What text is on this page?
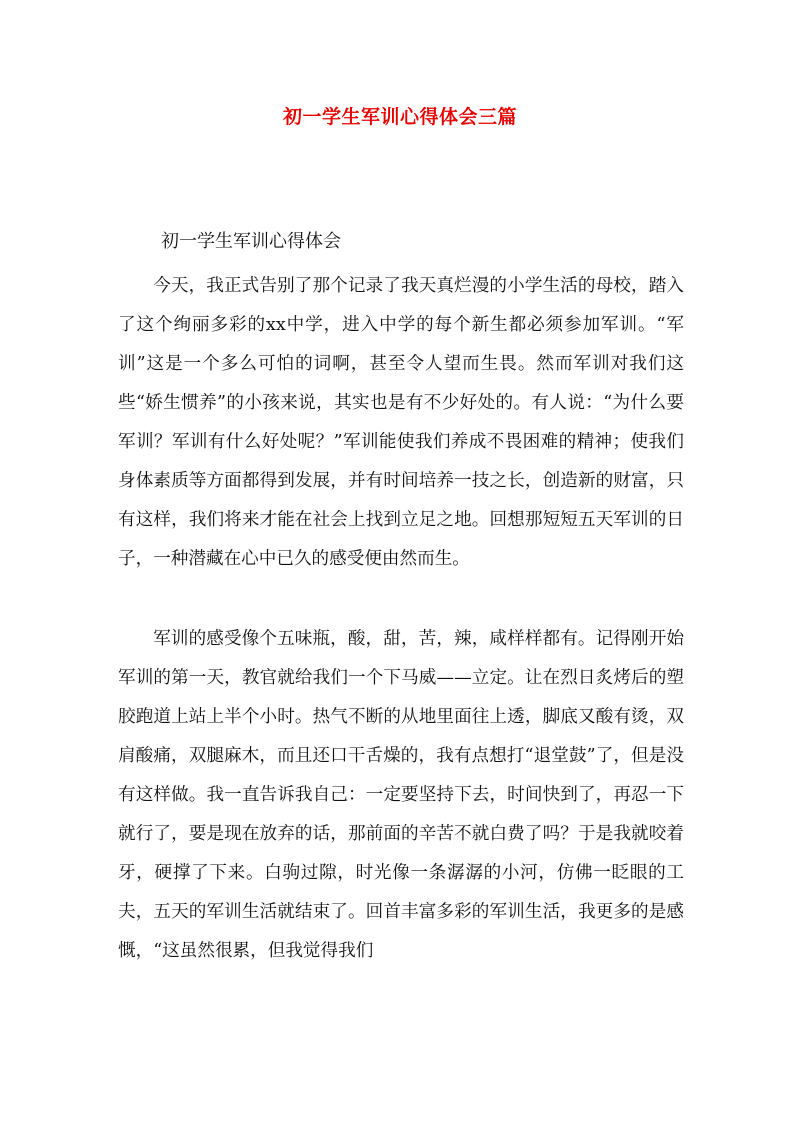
初一学生军训心得体会三篇

初一学生军训心得体会

今天，我正式告别了那个记录了我天真烂漫的小学生活的母校，踏入了这个绚丽多彩的xx中学，进入中学的每个新生都必须参加军训。“军训”这是一个多么可怕的词啊，甚至令人望而生畏。然而军训对我们这些“娇生惯养”的小孩来说，其实也是有不少好处的。有人说：“为什么要军训？军训有什么好处呢？”军训能使我们养成不畏困难的精神；使我们身体素质等方面都得到发展，并有时间培养一技之长，创造新的财富，只有这样，我们将来才能在社会上找到立足之地。回想那短短五天军训的日子，一种潜藏在心中已久的感受便由然而生。

军训的感受像个五味瓶，酸，甜，苦，辣，咸样样都有。记得刚开始军训的第一天，教官就给我们一个下马威——立定。让在烈日炙烤后的塑胶跑道上站上半个小时。热气不断的从地里面往上透，脚底又酸有烫，双肩酸痛，双腿麻木，而且还口干舌燥的，我有点想打“退堂鼓”了，但是没有这样做。我一直告诉我自己：一定要坚持下去，时间快到了，再忍一下就行了，要是现在放弃的话，那前面的辛苦不就白费了吗？于是我就咬着牙，硬撑了下来。白驹过隙，时光像一条潺潺的小河，仿佛一眨眼的工夫，五天的军训生活就结束了。回首丰富多彩的军训生活，我更多的是感慨，“这虽然很累，但我觉得我们
